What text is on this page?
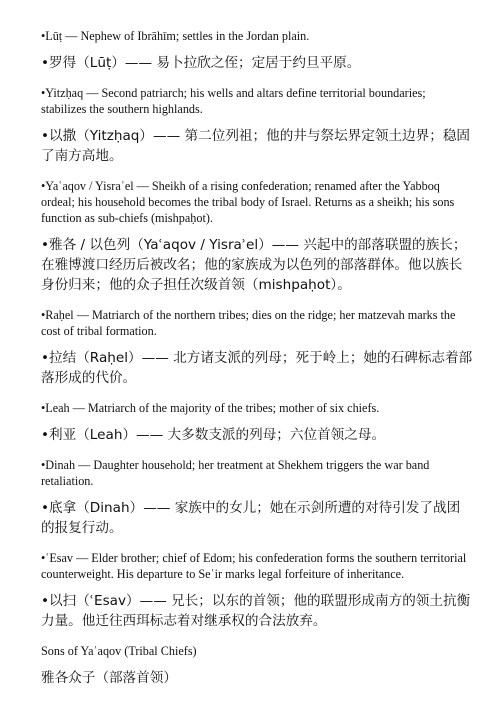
•Lūṭ — Nephew of Ibrāhīm; settles in the Jordan plain.

•罗得（Lūṭ）—— 易卜拉欣之侄；定居于约旦平原。

•Yitzḥaq — Second patriarch; his wells and altars define territorial boundaries; stabilizes the southern highlands.

•以撒（Yitzḥaq）—— 第二位列祖；他的井与祭坛界定领土边界；稳固了南方高地。

•Yaʿaqov / Yisraʾel — Sheikh of a rising confederation; renamed after the Yabboq ordeal; his household becomes the tribal body of Israel. Returns as a sheikh; his sons function as sub-chiefs (mishpaḥot).

•雅各 / 以色列（Yaʿaqov / Yisraʾel）—— 兴起中的部落联盟的族长；在雅博渡口经历后被改名；他的家族成为以色列的部落群体。他以族长身份归来；他的众子担任次级首领（mishpaḥot）。

•Raḥel — Matriarch of the northern tribes; dies on the ridge; her matzevah marks the cost of tribal formation.

•拉结（Raḥel）—— 北方诸支派的列母；死于岭上；她的石碑标志着部落形成的代价。

•Leah — Matriarch of the majority of the tribes; mother of six chiefs.

•利亚（Leah）—— 大多数支派的列母；六位首领之母。

•Dinah — Daughter household; her treatment at Shekhem triggers the war band retaliation.

•底拿（Dinah）—— 家族中的女儿；她在示剑所遭的对待引发了战团的报复行动。

•ʿEsav — Elder brother; chief of Edom; his confederation forms the southern territorial counterweight. His departure to Seʿir marks legal forfeiture of inheritance.

•以扫（ʿEsav）—— 兄长；以东的首领；他的联盟形成南方的领土抗衡力量。他迁往西珥标志着对继承权的合法放弃。

Sons of Yaʿaqov (Tribal Chiefs)

雅各众子（部落首领）
